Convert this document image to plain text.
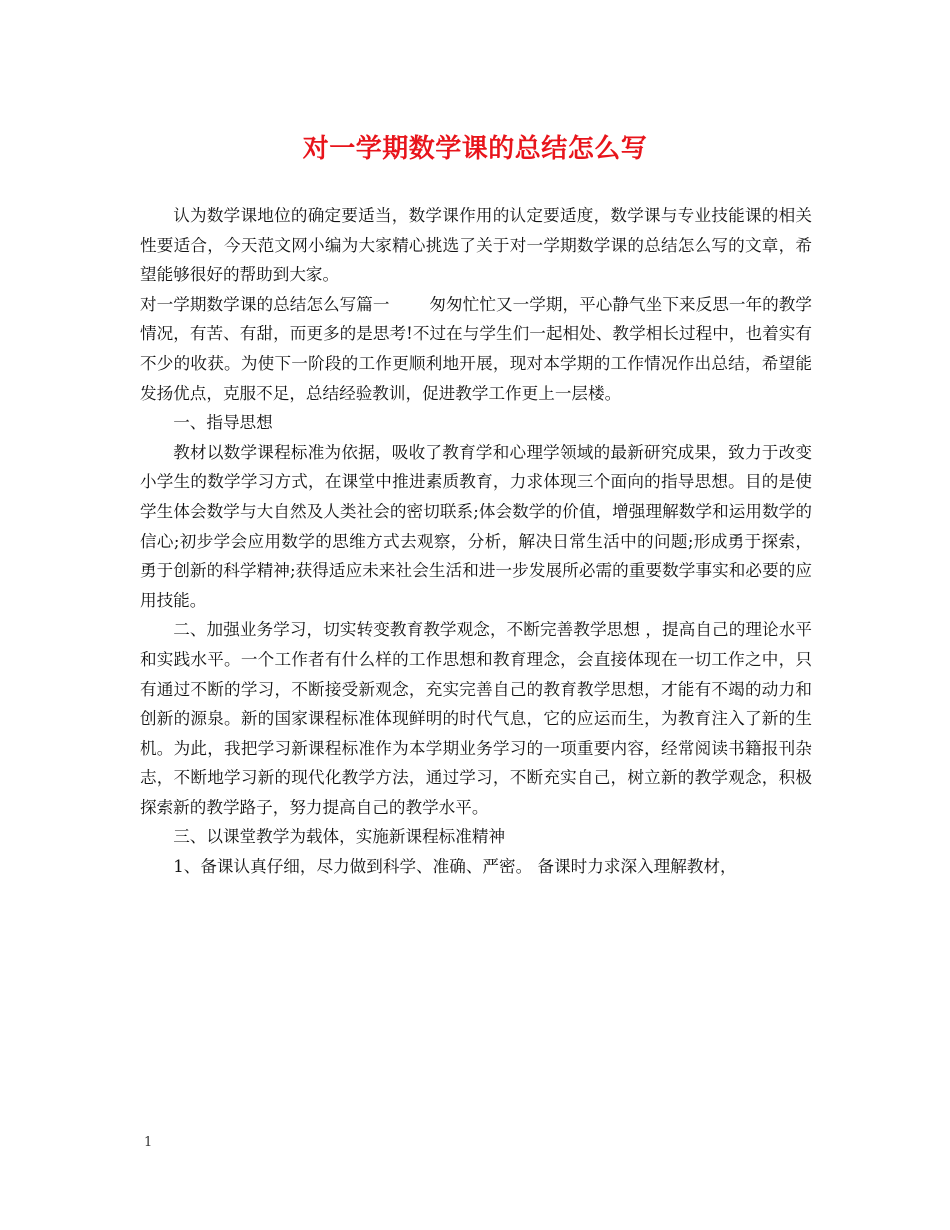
对一学期数学课的总结怎么写

认为数学课地位的确定要适当，数学课作用的认定要适度，数学课与专业技能课的相关性要适合，今天范文网小编为大家精心挑选了关于对一学期数学课的总结怎么写的文章，希望能够很好的帮助到大家。

对一学期数学课的总结怎么写篇一 匆匆忙忙又一学期，平心静气坐下来反思一年的教学情况，有苦、有甜，而更多的是思考!不过在与学生们一起相处、教学相长过程中，也着实有不少的收获。为使下一阶段的工作更顺利地开展，现对本学期的工作情况作出总结，希望能发扬优点，克服不足，总结经验教训，促进教学工作更上一层楼。

一、指导思想

教材以数学课程标准为依据，吸收了教育学和心理学领域的最新研究成果，致力于改变小学生的数学学习方式，在课堂中推进素质教育，力求体现三个面向的指导思想。目的是使学生体会数学与大自然及人类社会的密切联系;体会数学的价值，增强理解数学和运用数学的信心;初步学会应用数学的思维方式去观察，分析，解决日常生活中的问题;形成勇于探索，勇于创新的科学精神;获得适应未来社会生活和进一步发展所必需的重要数学事实和必要的应用技能。

二、加强业务学习，切实转变教育教学观念，不断完善教学思想 ，提高自己的理论水平和实践水平。一个工作者有什么样的工作思想和教育理念，会直接体现在一切工作之中，只有通过不断的学习，不断接受新观念，充实完善自己的教育教学思想，才能有不竭的动力和创新的源泉。新的国家课程标准体现鲜明的时代气息，它的应运而生，为教育注入了新的生机。为此，我把学习新课程标准作为本学期业务学习的一项重要内容，经常阅读书籍报刊杂志，不断地学习新的现代化教学方法，通过学习，不断充实自己，树立新的教学观念，积极探索新的教学路子，努力提高自己的教学水平。

三、以课堂教学为载体，实施新课程标准精神

1、备课认真仔细，尽力做到科学、准确、严密。 备课时力求深入理解教材，

1
